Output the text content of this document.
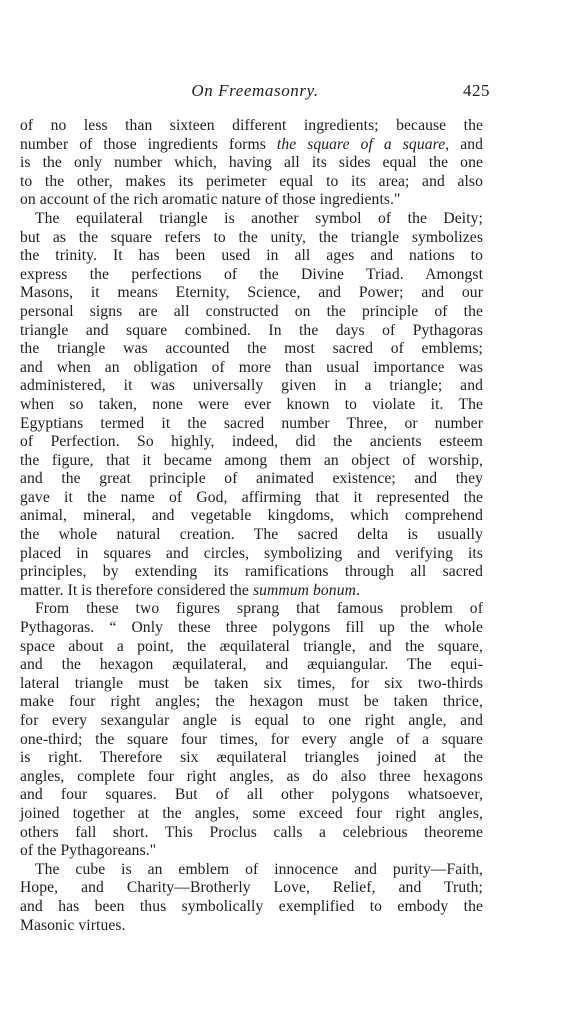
On Freemasonry.	425
of no less than sixteen different ingredients; because the
number of those ingredients forms the square of a square, and
is the only number which, having all its sides equal the one
to the other, makes its perimeter equal to its area; and also
on account of the rich aromatic nature of those ingredients."
The equilateral triangle is another symbol of the Deity;
but as the square refers to the unity, the triangle symbolizes
the trinity. It has been used in all ages and nations to
express the perfections of the Divine Triad. Amongst
Masons, it means Eternity, Science, and Power; and our
personal signs are all constructed on the principle of the
triangle and square combined. In the days of Pythagoras
the triangle was accounted the most sacred of emblems;
and when an obligation of more than usual importance was
administered, it was universally given in a triangle; and
when so taken, none were ever known to violate it. The
Egyptians termed it the sacred number Three, or number
of Perfection. So highly, indeed, did the ancients esteem
the figure, that it became among them an object of worship,
and the great principle of animated existence; and they
gave it the name of God, affirming that it represented the
animal, mineral, and vegetable kingdoms, which comprehend
the whole natural creation. The sacred delta is usually
placed in squares and circles, symbolizing and verifying its
principles, by extending its ramifications through all sacred
matter. It is therefore considered the summum bonum.
From these two figures sprang that famous problem of
Pythagoras. “ Only these three polygons fill up the whole
space about a point, the æquilateral triangle, and the square,
and the hexagon æquilateral, and æquiangular. The equi-
lateral triangle must be taken six times, for six two-thirds
make four right angles; the hexagon must be taken thrice,
for every sexangular angle is equal to one right angle, and
one-third; the square four times, for every angle of a square
is right. Therefore six æquilateral triangles joined at the
angles, complete four right angles, as do also three hexagons
and four squares. But of all other polygons whatsoever,
joined together at the angles, some exceed four right angles,
others fall short. This Proclus calls a celebrious theoreme
of the Pythagoreans."
The cube is an emblem of innocence and purity—Faith,
Hope, and Charity—Brotherly Love, Relief, and Truth;
and has been thus symbolically exemplified to embody the
Masonic virtues.
